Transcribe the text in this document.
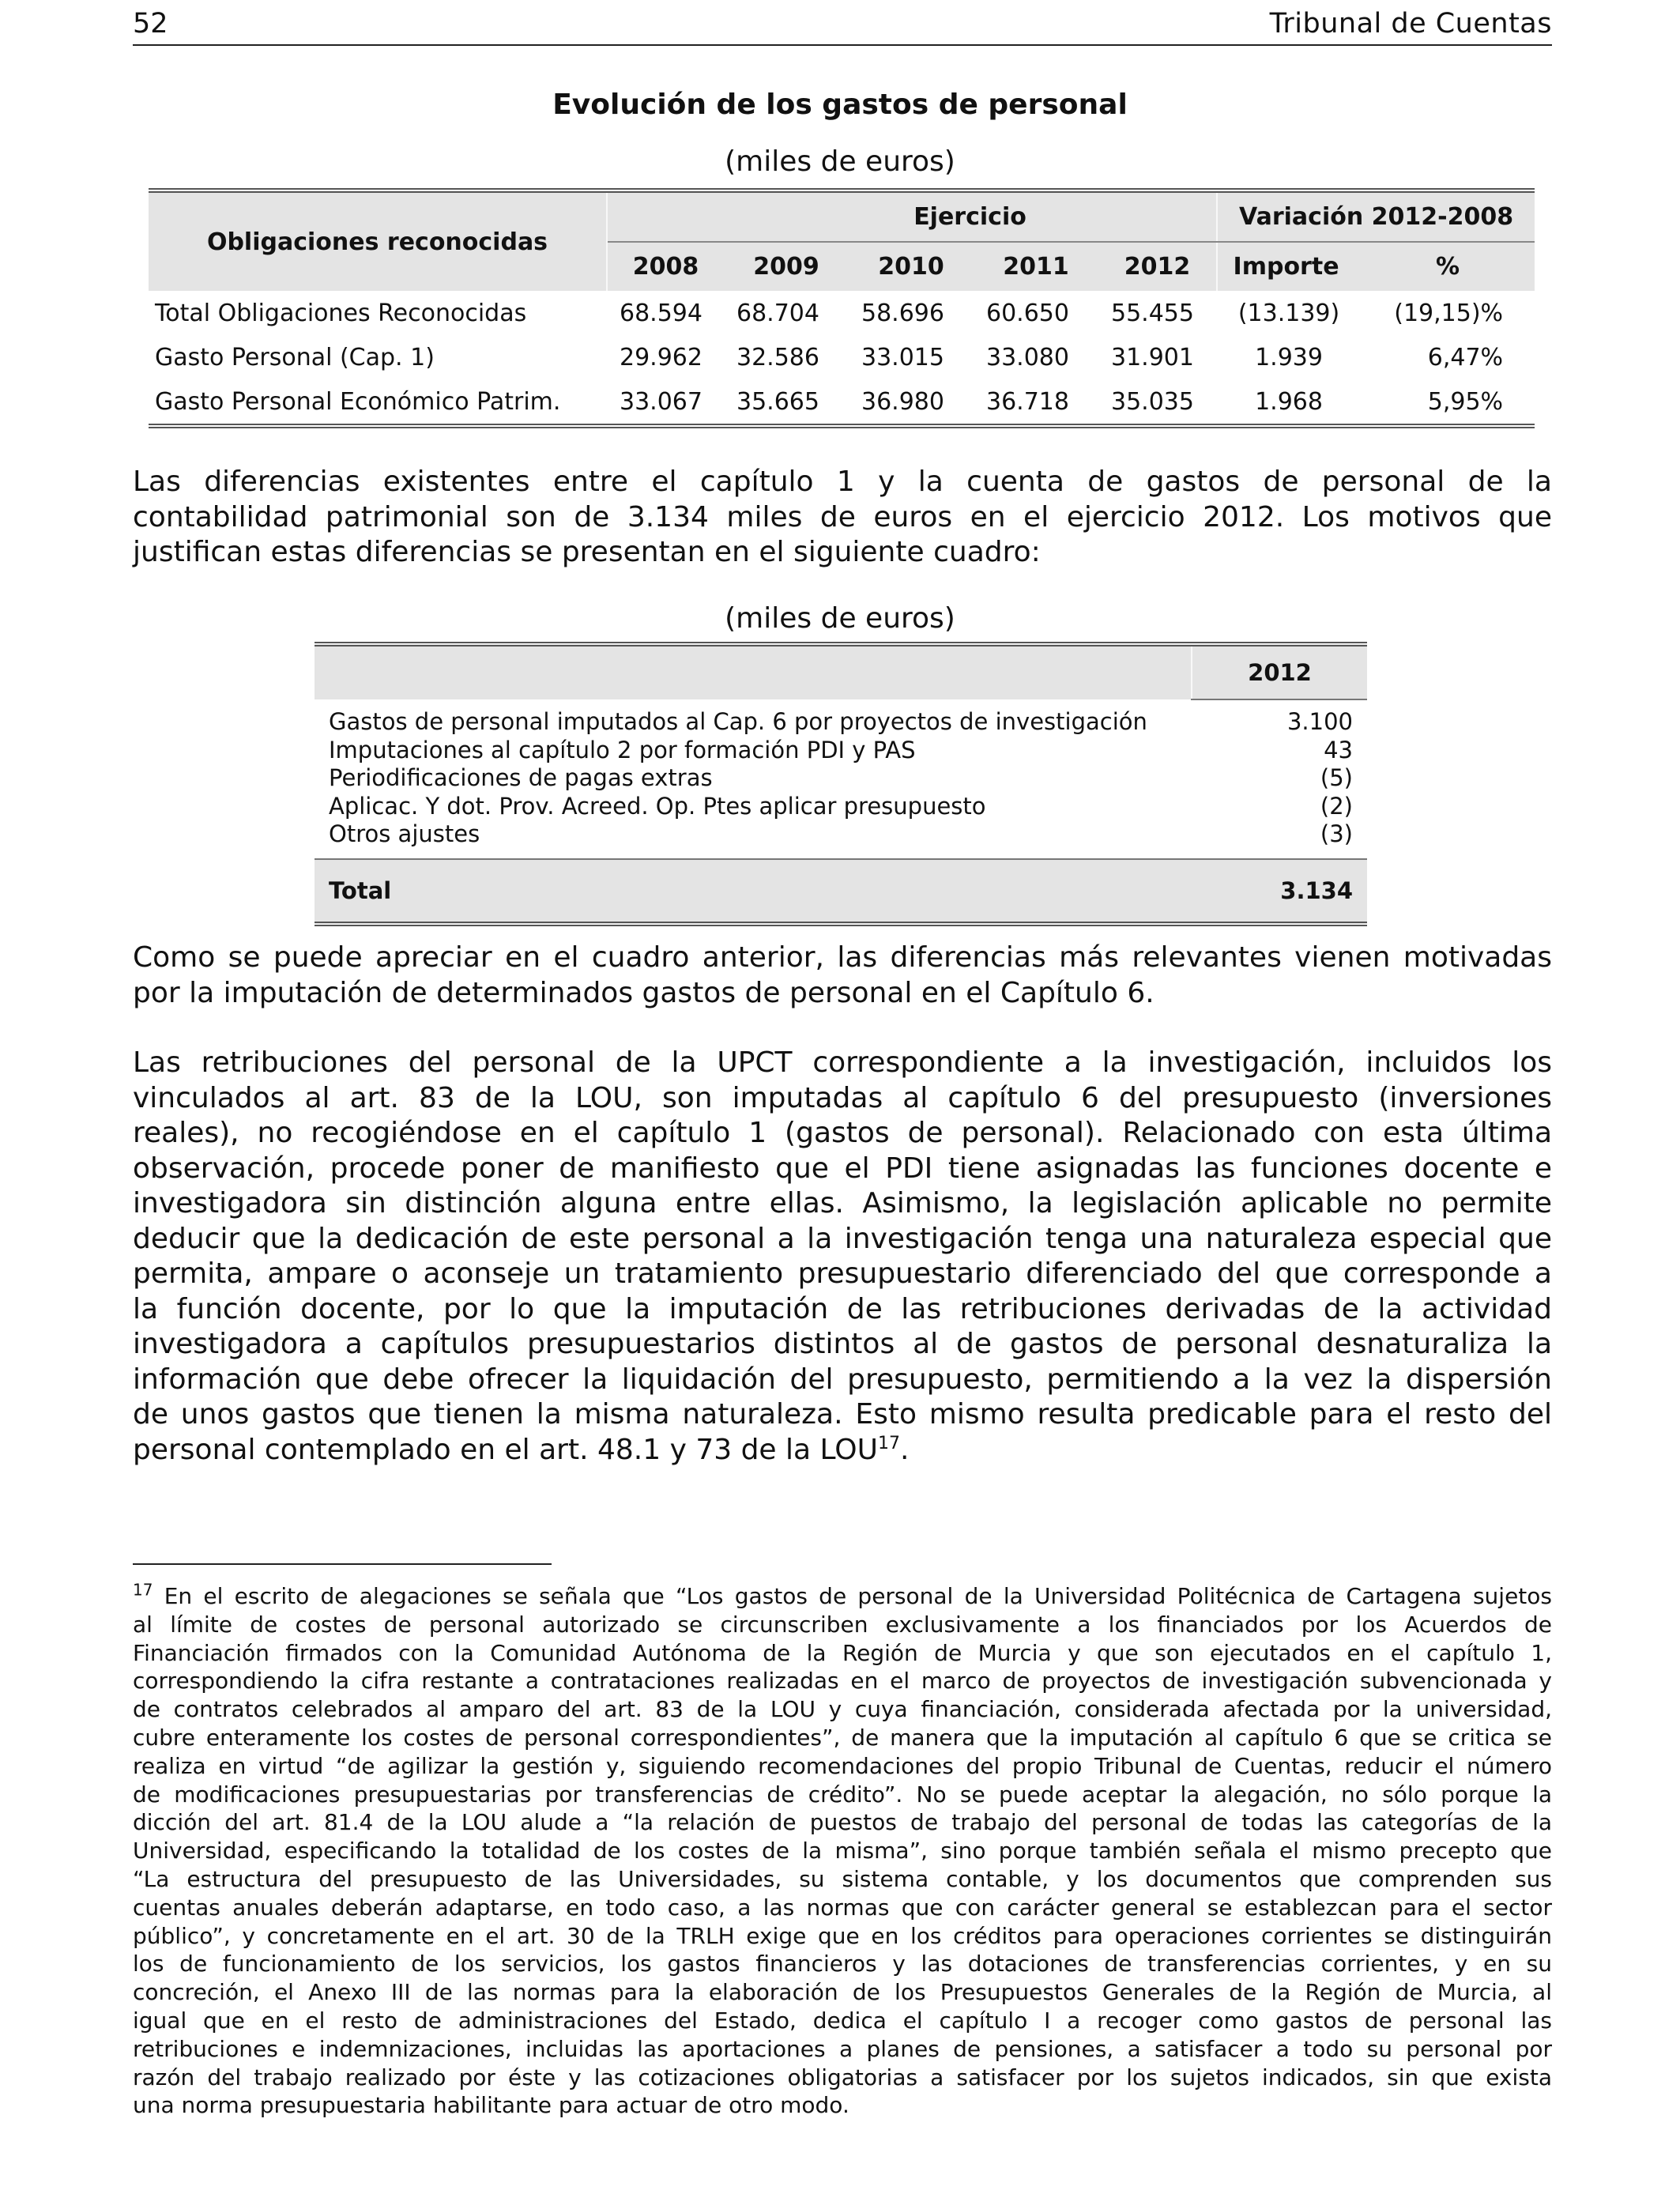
52	Tribunal de Cuentas
Evolución de los gastos de personal
(miles de euros)
Obligaciones reconocidas		Ejercicio				Variación 2012-2008	
	2008	2009	2010	2011	2012	Importe	%
Total Obligaciones Reconocidas	68.594	68.704	58.696	60.650	55.455	(13.139)	(19,15)%
Gasto Personal (Cap. 1)	29.962	32.586	33.015	33.080	31.901	1.939	6,47%
Gasto Personal Económico Patrim.	33.067	35.665	36.980	36.718	35.035	1.968	5,95%
Las diferencias existentes entre el capítulo 1 y la cuenta de gastos de personal de la
contabilidad patrimonial son de 3.134 miles de euros en el ejercicio 2012. Los motivos que
justifican estas diferencias se presentan en el siguiente cuadro:
(miles de euros)
	2012
Gastos de personal imputados al Cap. 6 por proyectos de investigación	3.100
Imputaciones al capítulo 2 por formación PDI y PAS	43
Periodificaciones de pagas extras	(5)
Aplicac. Y dot. Prov. Acreed. Op. Ptes aplicar presupuesto	(2)
Otros ajustes	(3)

Total	3.134
Como se puede apreciar en el cuadro anterior, las diferencias más relevantes vienen motivadas
por la imputación de determinados gastos de personal en el Capítulo 6.
Las retribuciones del personal de la UPCT correspondiente a la investigación, incluidos los
vinculados al art. 83 de la LOU, son imputadas al capítulo 6 del presupuesto (inversiones
reales), no recogiéndose en el capítulo 1 (gastos de personal). Relacionado con esta última
observación, procede poner de manifiesto que el PDI tiene asignadas las funciones docente e
investigadora sin distinción alguna entre ellas. Asimismo, la legislación aplicable no permite
deducir que la dedicación de este personal a la investigación tenga una naturaleza especial que
permita, ampare o aconseje un tratamiento presupuestario diferenciado del que corresponde a
la función docente, por lo que la imputación de las retribuciones derivadas de la actividad
investigadora a capítulos presupuestarios distintos al de gastos de personal desnaturaliza la
información que debe ofrecer la liquidación del presupuesto, permitiendo a la vez la dispersión
de unos gastos que tienen la misma naturaleza. Esto mismo resulta predicable para el resto del
personal contemplado en el art. 48.1 y 73 de la LOU$^{17}$.
$^{17}$ En el escrito de alegaciones se señala que “Los gastos de personal de la Universidad Politécnica de Cartagena sujetos
al límite de costes de personal autorizado se circunscriben exclusivamente a los financiados por los Acuerdos de
Financiación firmados con la Comunidad Autónoma de la Región de Murcia y que son ejecutados en el capítulo 1,
correspondiendo la cifra restante a contrataciones realizadas en el marco de proyectos de investigación subvencionada y
de contratos celebrados al amparo del art. 83 de la LOU y cuya financiación, considerada afectada por la universidad,
cubre enteramente los costes de personal correspondientes”, de manera que la imputación al capítulo 6 que se critica se
realiza en virtud “de agilizar la gestión y, siguiendo recomendaciones del propio Tribunal de Cuentas, reducir el número
de modificaciones presupuestarias por transferencias de crédito”. No se puede aceptar la alegación, no sólo porque la
dicción del art. 81.4 de la LOU alude a “la relación de puestos de trabajo del personal de todas las categorías de la
Universidad, especificando la totalidad de los costes de la misma”, sino porque también señala el mismo precepto que
“La estructura del presupuesto de las Universidades, su sistema contable, y los documentos que comprenden sus
cuentas anuales deberán adaptarse, en todo caso, a las normas que con carácter general se establezcan para el sector
público”, y concretamente en el art. 30 de la TRLH exige que en los créditos para operaciones corrientes se distinguirán
los de funcionamiento de los servicios, los gastos financieros y las dotaciones de transferencias corrientes, y en su
concreción, el Anexo III de las normas para la elaboración de los Presupuestos Generales de la Región de Murcia, al
igual que en el resto de administraciones del Estado, dedica el capítulo I a recoger como gastos de personal las
retribuciones e indemnizaciones, incluidas las aportaciones a planes de pensiones, a satisfacer a todo su personal por
razón del trabajo realizado por éste y las cotizaciones obligatorias a satisfacer por los sujetos indicados, sin que exista
una norma presupuestaria habilitante para actuar de otro modo.
